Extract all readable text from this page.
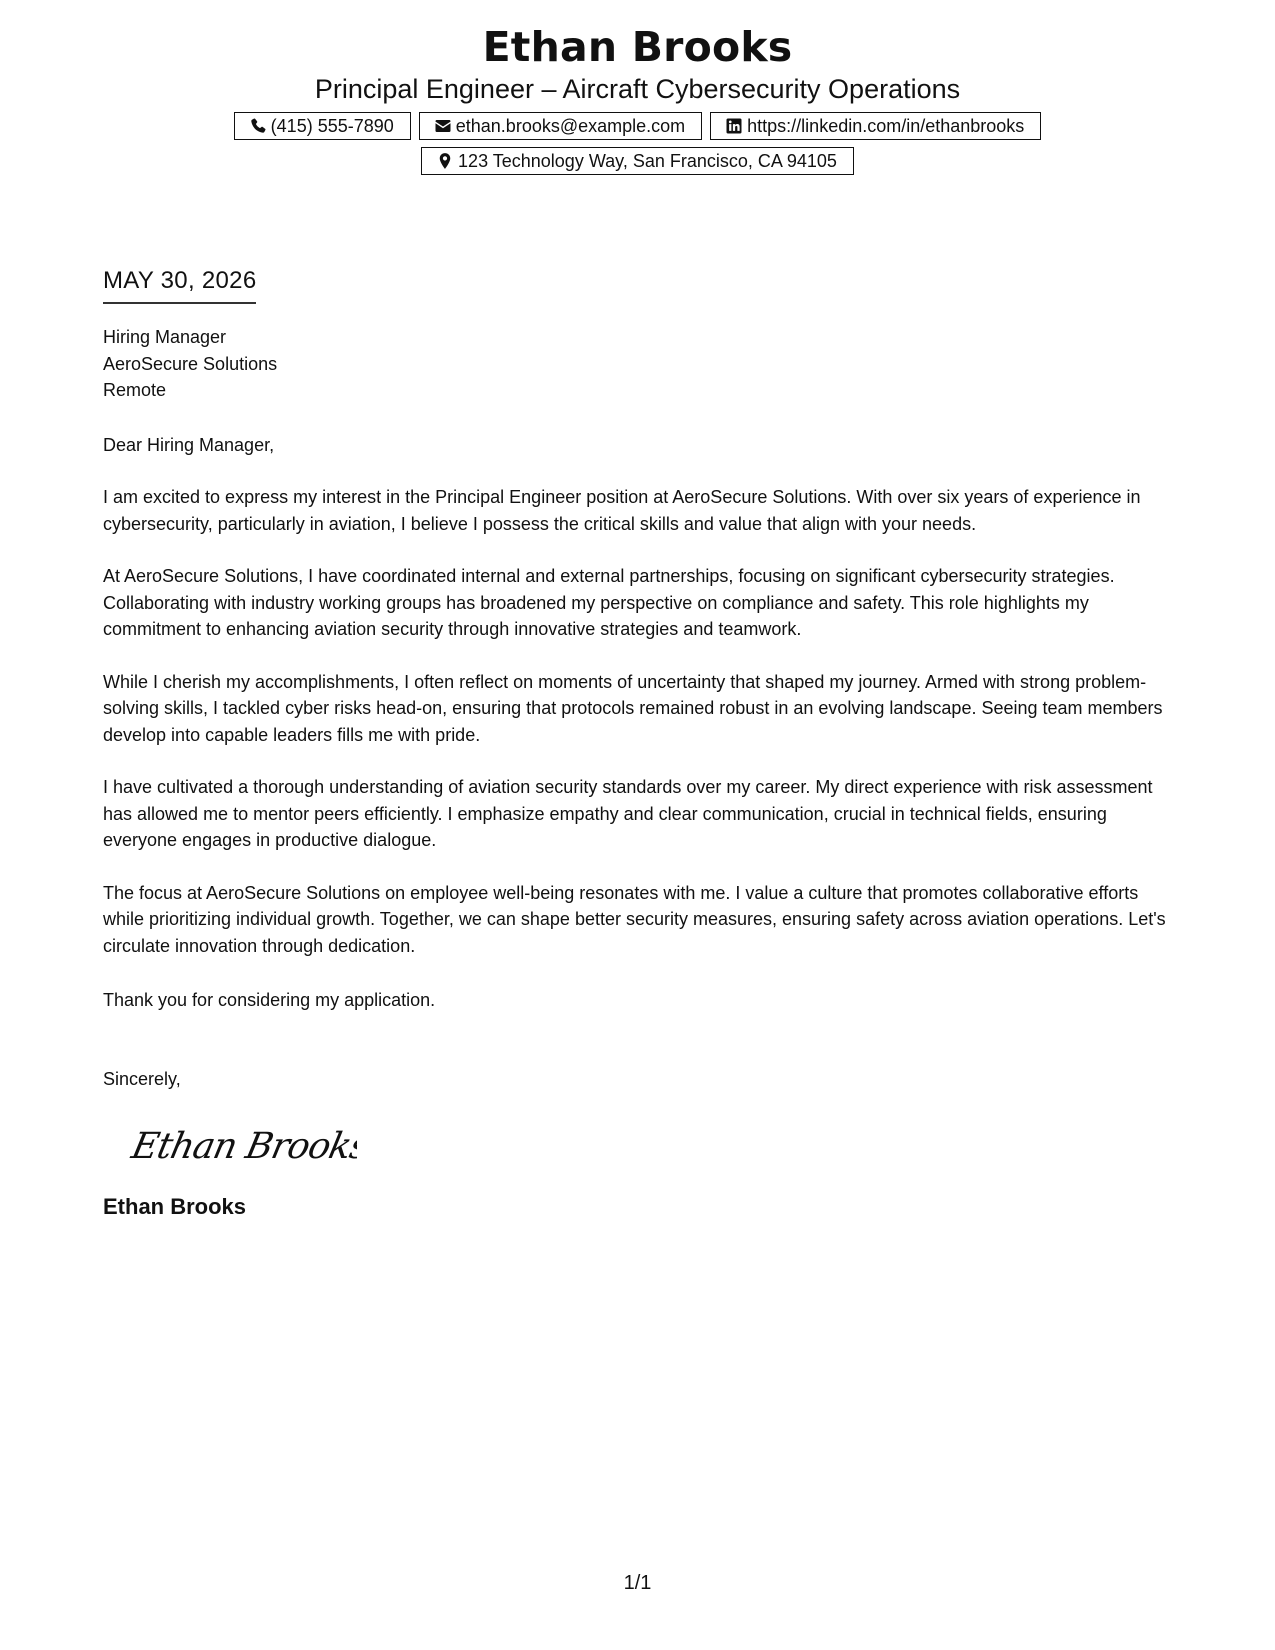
Ethan Brooks
Principal Engineer – Aircraft Cybersecurity Operations
(415) 555-7890	ethan.brooks@example.com	https://linkedin.com/in/ethanbrooks
123 Technology Way, San Francisco, CA 94105
MAY 30, 2026
Hiring Manager
AeroSecure Solutions
Remote
Dear Hiring Manager,

I am excited to express my interest in the Principal Engineer position at AeroSecure Solutions. With over six years of experience in cybersecurity, particularly in aviation, I believe I possess the critical skills and value that align with your needs.

At AeroSecure Solutions, I have coordinated internal and external partnerships, focusing on significant cybersecurity strategies. Collaborating with industry working groups has broadened my perspective on compliance and safety. This role highlights my commitment to enhancing aviation security through innovative strategies and teamwork.

While I cherish my accomplishments, I often reflect on moments of uncertainty that shaped my journey. Armed with strong problem-solving skills, I tackled cyber risks head-on, ensuring that protocols remained robust in an evolving landscape. Seeing team members develop into capable leaders fills me with pride.

I have cultivated a thorough understanding of aviation security standards over my career. My direct experience with risk assessment has allowed me to mentor peers efficiently. I emphasize empathy and clear communication, crucial in technical fields, ensuring everyone engages in productive dialogue.

The focus at AeroSecure Solutions on employee well-being resonates with me. I value a culture that promotes collaborative efforts while prioritizing individual growth. Together, we can shape better security measures, ensuring safety across aviation operations. Let's circulate innovation through dedication.

Thank you for considering my application.
Sincerely,
Ethan Brooks
Ethan Brooks
1/1
